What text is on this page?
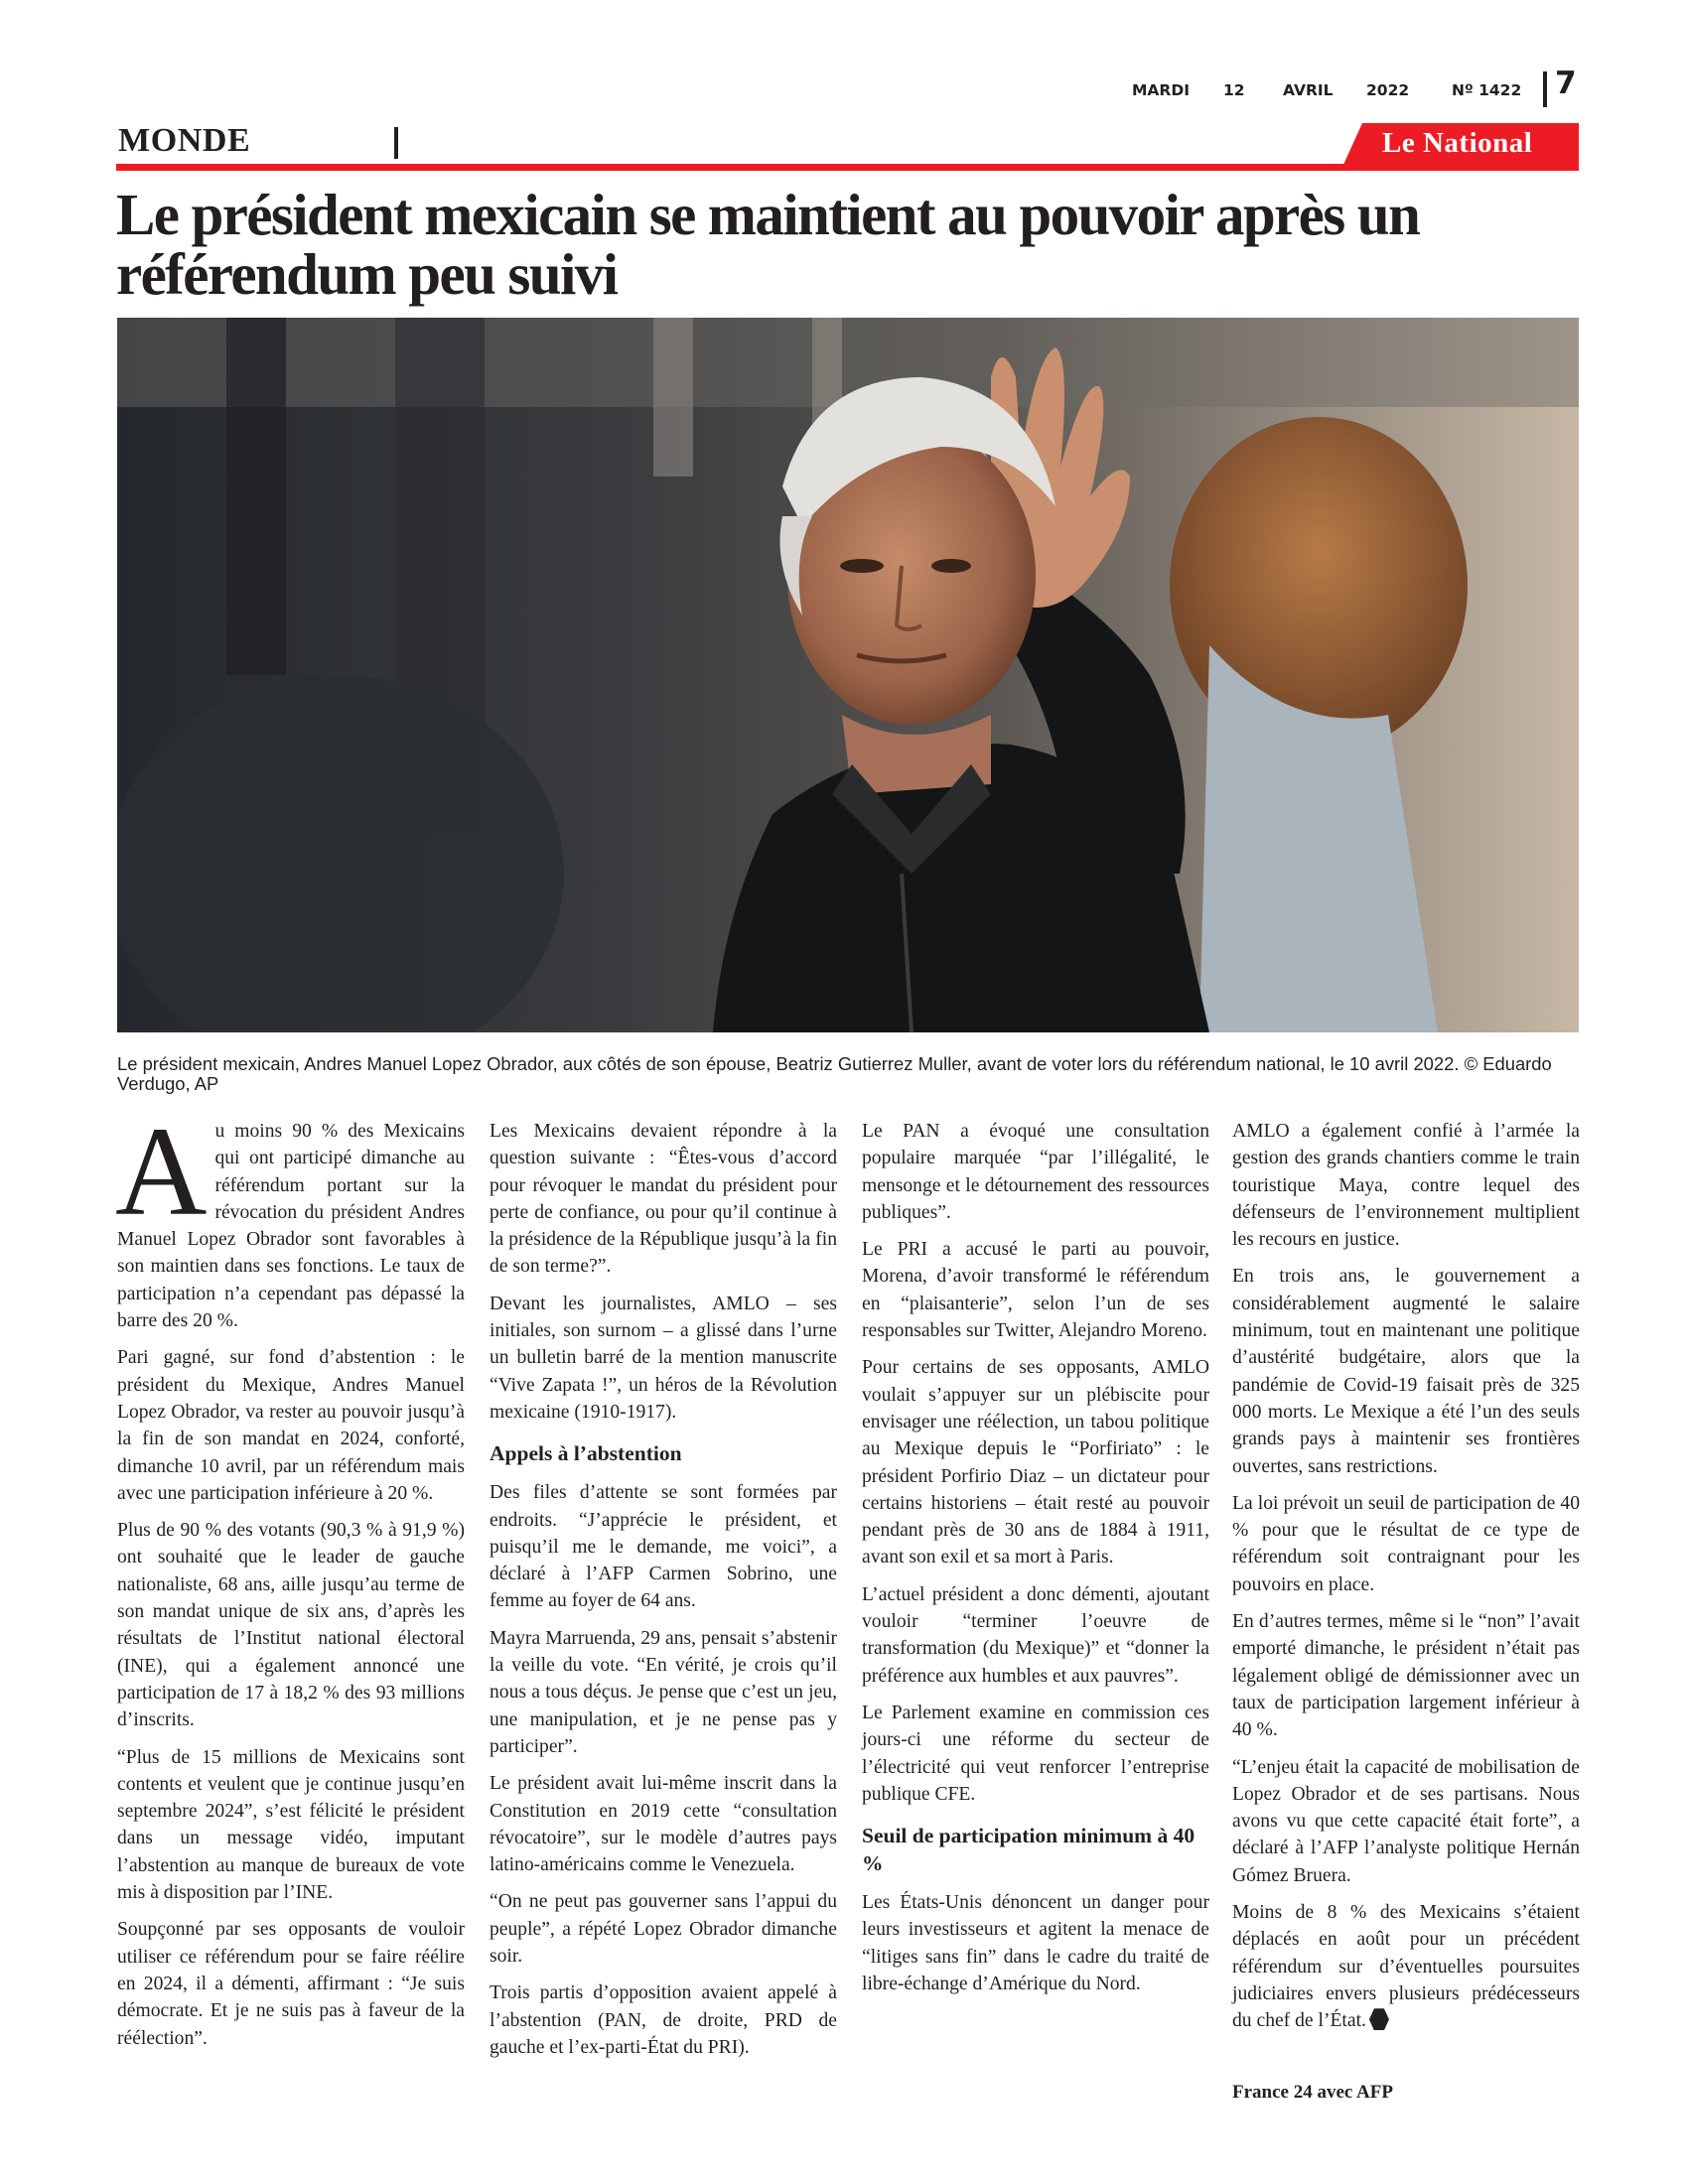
MARDI 12 AVRIL 2022	Nº 1422 7
MONDE	Le National
Le président mexicain se maintient au pouvoir après un référendum peu suivi
Le président mexicain, Andres Manuel Lopez Obrador, aux côtés de son épouse, Beatriz Gutierrez Muller, avant de voter lors du référendum national, le 10 avril 2022. © Eduardo Verdugo, AP

Au moins 90 % des Mexicains qui ont participé dimanche au référendum portant sur la révocation du président Andres Manuel Lopez Obrador sont favorables à son maintien dans ses fonctions. Le taux de participation n’a cependant pas dépassé la barre des 20 %.

Pari gagné, sur fond d’abstention : le président du Mexique, Andres Manuel Lopez Obrador, va rester au pouvoir jusqu’à la fin de son mandat en 2024, conforté, dimanche 10 avril, par un référendum mais avec une participation inférieure à 20 %.

Plus de 90 % des votants (90,3 % à 91,9 %) ont souhaité que le leader de gauche nationaliste, 68 ans, aille jusqu’au terme de son mandat unique de six ans, d’après les résultats de l’Institut national électoral (INE), qui a également annoncé une participation de 17 à 18,2 % des 93 millions d’inscrits.

“Plus de 15 millions de Mexicains sont contents et veulent que je continue jusqu’en septembre 2024”, s’est félicité le président dans un message vidéo, imputant l’abstention au manque de bureaux de vote mis à disposition par l’INE.

Soupçonné par ses opposants de vouloir utiliser ce référendum pour se faire réélire en 2024, il a démenti, affirmant : “Je suis démocrate. Et je ne suis pas à faveur de la réélection”.

Les Mexicains devaient répondre à la question suivante : “Êtes-vous d’accord pour révoquer le mandat du président pour perte de confiance, ou pour qu’il continue à la présidence de la République jusqu’à la fin de son terme?”.

Devant les journalistes, AMLO – ses initiales, son surnom – a glissé dans l’urne un bulletin barré de la mention manuscrite “Vive Zapata !”, un héros de la Révolution mexicaine (1910-1917).

Appels à l’abstention

Des files d’attente se sont formées par endroits. “J’apprécie le président, et puisqu’il me le demande, me voici”, a déclaré à l’AFP Carmen Sobrino, une femme au foyer de 64 ans.

Mayra Marruenda, 29 ans, pensait s’abstenir la veille du vote. “En vérité, je crois qu’il nous a tous déçus. Je pense que c’est un jeu, une manipulation, et je ne pense pas y participer”.

Le président avait lui-même inscrit dans la Constitution en 2019 cette “consultation révocatoire”, sur le modèle d’autres pays latino-américains comme le Venezuela.

“On ne peut pas gouverner sans l’appui du peuple”, a répété Lopez Obrador dimanche soir.

Trois partis d’opposition avaient appelé à l’abstention (PAN, de droite, PRD de gauche et l’ex-parti-État du PRI).

Le PAN a évoqué une consultation populaire marquée “par l’illégalité, le mensonge et le détournement des ressources publiques”.

Le PRI a accusé le parti au pouvoir, Morena, d’avoir transformé le référendum en “plaisanterie”, selon l’un de ses responsables sur Twitter, Alejandro Moreno.

Pour certains de ses opposants, AMLO voulait s’appuyer sur un plébiscite pour envisager une réélection, un tabou politique au Mexique depuis le “Porfiriato” : le président Porfirio Diaz – un dictateur pour certains historiens – était resté au pouvoir pendant près de 30 ans de 1884 à 1911, avant son exil et sa mort à Paris.

L’actuel président a donc démenti, ajoutant vouloir “terminer l’oeuvre de transformation (du Mexique)” et “donner la préférence aux humbles et aux pauvres”.

Le Parlement examine en commission ces jours-ci une réforme du secteur de l’électricité qui veut renforcer l’entreprise publique CFE.

Seuil de participation minimum à 40 %

Les États-Unis dénoncent un danger pour leurs investisseurs et agitent la menace de “litiges sans fin” dans le cadre du traité de libre-échange d’Amérique du Nord.

AMLO a également confié à l’armée la gestion des grands chantiers comme le train touristique Maya, contre lequel des défenseurs de l’environnement multiplient les recours en justice.

En trois ans, le gouvernement a considérablement augmenté le salaire minimum, tout en maintenant une politique d’austérité budgétaire, alors que la pandémie de Covid-19 faisait près de 325 000 morts. Le Mexique a été l’un des seuls grands pays à maintenir ses frontières ouvertes, sans restrictions.

La loi prévoit un seuil de participation de 40 % pour que le résultat de ce type de référendum soit contraignant pour les pouvoirs en place.

En d’autres termes, même si le “non” l’avait emporté dimanche, le président n’était pas légalement obligé de démissionner avec un taux de participation largement inférieur à 40 %.

“L’enjeu était la capacité de mobilisation de Lopez Obrador et de ses partisans. Nous avons vu que cette capacité était forte”, a déclaré à l’AFP l’analyste politique Hernán Gómez Bruera.

Moins de 8 % des Mexicains s’étaient déplacés en août pour un précédent référendum sur d’éventuelles poursuites judiciaires envers plusieurs prédécesseurs du chef de l’État.

France 24 avec AFP
